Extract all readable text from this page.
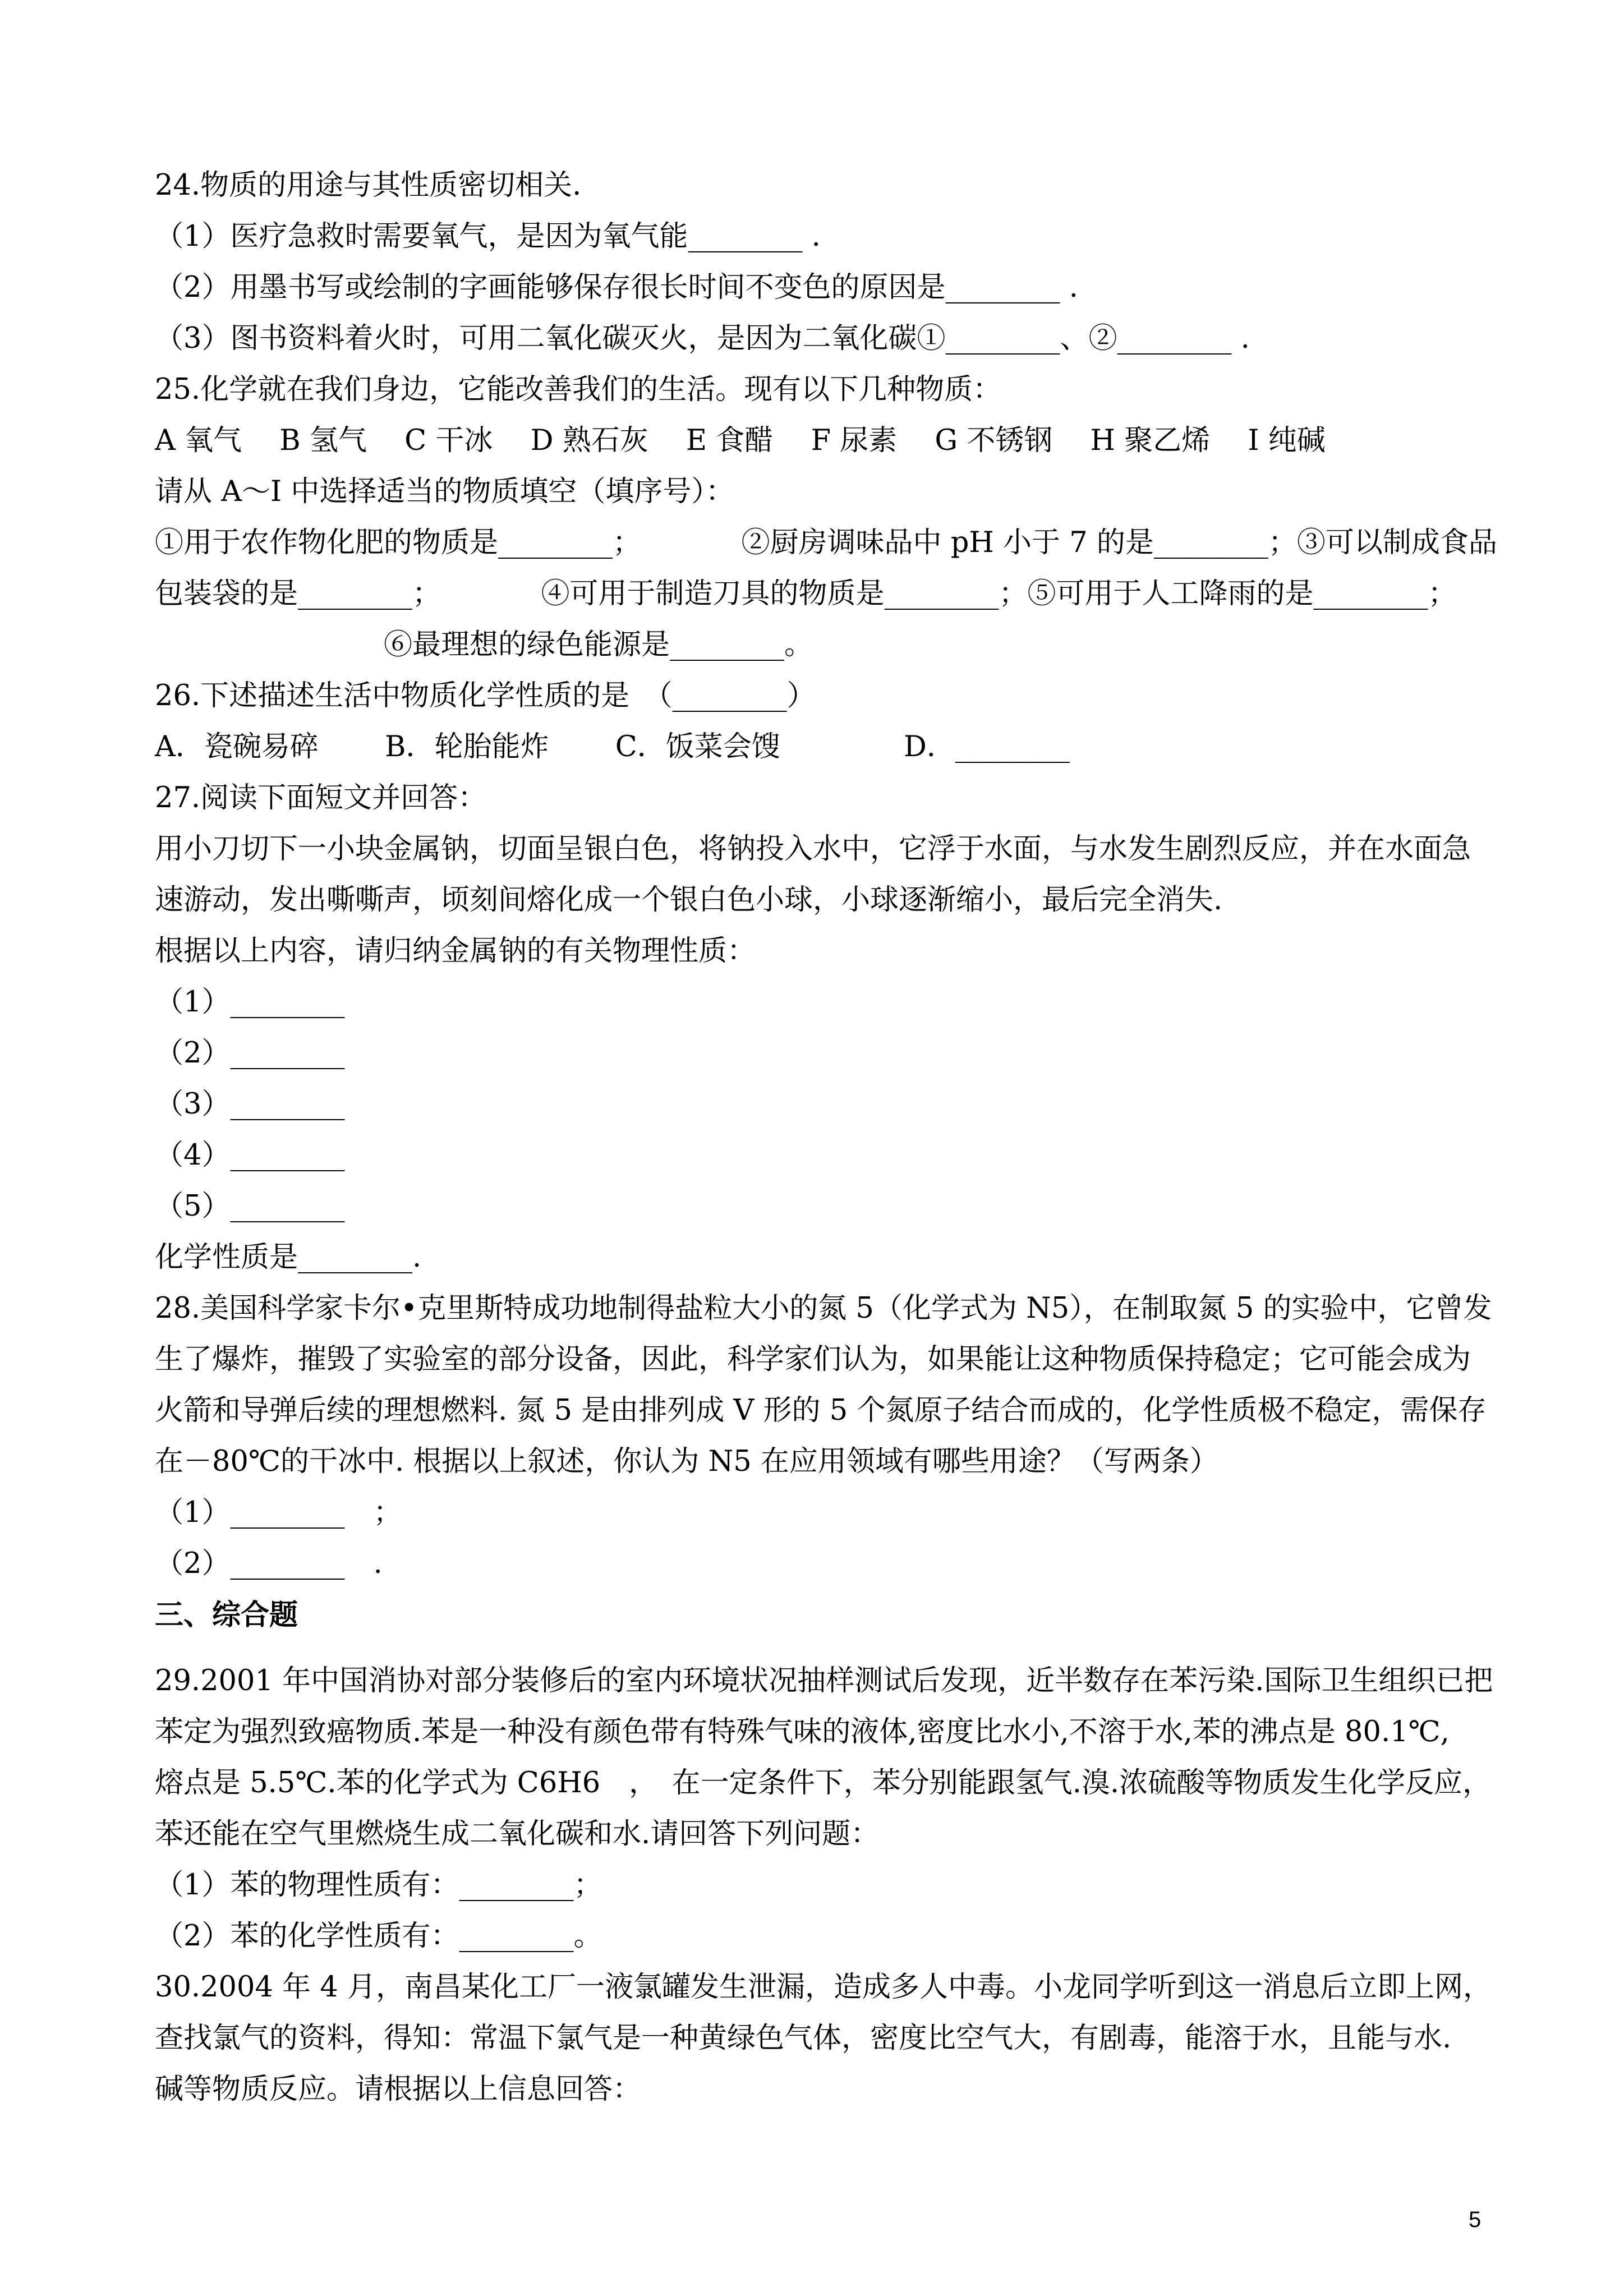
24.物质的用途与其性质密切相关.
（1）医疗急救时需要氧气，是因为氧气能________ .
（2）用墨书写或绘制的字画能够保存很长时间不变色的原因是________ .
（3）图书资料着火时，可用二氧化碳灭火，是因为二氧化碳①________、②________ .
25.化学就在我们身边，它能改善我们的生活。现有以下几种物质：
A 氧气　 B 氢气　 C 干冰　 D 熟石灰　 E 食醋　 F 尿素　 G 不锈钢　 H 聚乙烯　 I 纯碱
请从 A～I 中选择适当的物质填空（填序号）：
①用于农作物化肥的物质是________；　　　　②厨房调味品中 pH 小于 7 的是________；③可以制成食品
包装袋的是________；　　　　④可用于制造刀具的物质是________；⑤可用于人工降雨的是________；
　　　　　　　　⑥最理想的绿色能源是________。
26.下述描述生活中物质化学性质的是　（________）
A．瓷碗易碎　　 B．轮胎能炸　　 C．饭菜会馊　　　　 D．________
27.阅读下面短文并回答：
用小刀切下一小块金属钠，切面呈银白色，将钠投入水中，它浮于水面，与水发生剧烈反应，并在水面急
速游动，发出嘶嘶声，顷刻间熔化成一个银白色小球，小球逐渐缩小，最后完全消失.
根据以上内容，请归纳金属钠的有关物理性质：
（1）________
（2）________
（3）________
（4）________
（5）________
化学性质是________.
28.美国科学家卡尔•克里斯特成功地制得盐粒大小的氮 5（化学式为 N5），在制取氮 5 的实验中，它曾发
生了爆炸，摧毁了实验室的部分设备，因此，科学家们认为，如果能让这种物质保持稳定；它可能会成为
火箭和导弹后续的理想燃料. 氮 5 是由排列成 V 形的 5 个氮原子结合而成的，化学性质极不稳定，需保存
在－80℃的干冰中. 根据以上叙述，你认为 N5 在应用领域有哪些用途？（写两条）
（1）________　；
（2）________　.
三、综合题
29.2001 年中国消协对部分装修后的室内环境状况抽样测试后发现，近半数存在苯污染.国际卫生组织已把
苯定为强烈致癌物质.苯是一种没有颜色带有特殊气味的液体,密度比水小,不溶于水,苯的沸点是 80.1℃,
熔点是 5.5℃.苯的化学式为 C6H6　，　在一定条件下，苯分别能跟氢气.溴.浓硫酸等物质发生化学反应，
苯还能在空气里燃烧生成二氧化碳和水.请回答下列问题：
（1）苯的物理性质有：________；
（2）苯的化学性质有：________。
30.2004 年 4 月，南昌某化工厂一液氯罐发生泄漏，造成多人中毒。小龙同学听到这一消息后立即上网，
查找氯气的资料，得知：常温下氯气是一种黄绿色气体，密度比空气大，有剧毒，能溶于水，且能与水.
碱等物质反应。请根据以上信息回答：
5
